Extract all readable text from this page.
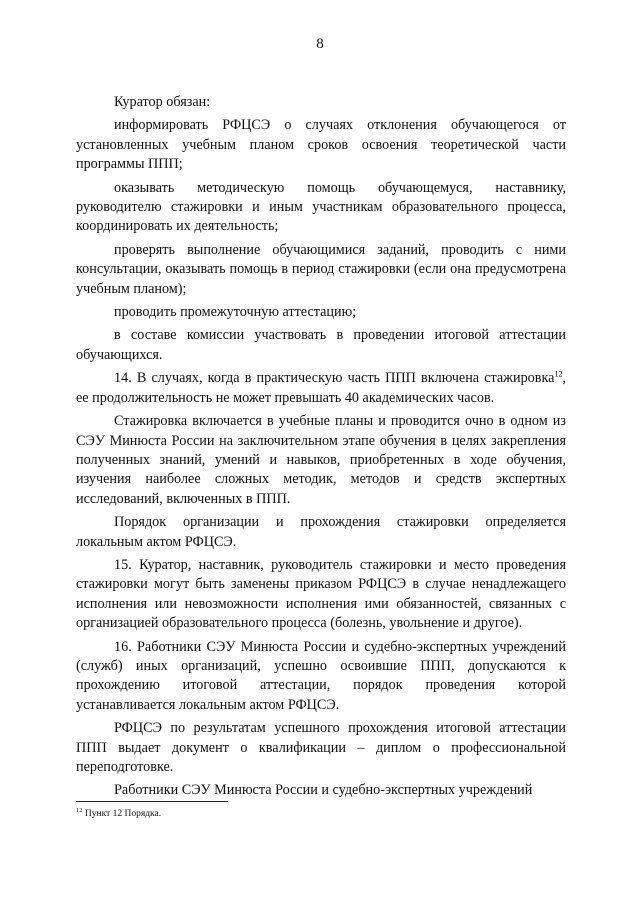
8

Куратор обязан:

информировать РФЦСЭ о случаях отклонения обучающегося от установленных учебным планом сроков освоения теоретической части программы ППП;

оказывать методическую помощь обучающемуся, наставнику, руководителю стажировки и иным участникам образовательного процесса, координировать их деятельность;

проверять выполнение обучающимися заданий, проводить с ними консультации, оказывать помощь в период стажировки (если она предусмотрена учебным планом);

проводить промежуточную аттестацию;

в составе комиссии участвовать в проведении итоговой аттестации обучающихся.

14. В случаях, когда в практическую часть ППП включена стажировка$^{12}$, ее продолжительность не может превышать 40 академических часов.

Стажировка включается в учебные планы и проводится очно в одном из СЭУ Минюста России на заключительном этапе обучения в целях закрепления полученных знаний, умений и навыков, приобретенных в ходе обучения, изучения наиболее сложных методик, методов и средств экспертных исследований, включенных в ППП.

Порядок организации и прохождения стажировки определяется локальным актом РФЦСЭ.

15. Куратор, наставник, руководитель стажировки и место проведения стажировки могут быть заменены приказом РФЦСЭ в случае ненадлежащего исполнения или невозможности исполнения ими обязанностей, связанных с организацией образовательного процесса (болезнь, увольнение и другое).

16. Работники СЭУ Минюста России и судебно-экспертных учреждений (служб) иных организаций, успешно освоившие ППП, допускаются к прохождению итоговой аттестации, порядок проведения которой устанавливается локальным актом РФЦСЭ.

РФЦСЭ по результатам успешного прохождения итоговой аттестации ППП выдает документ о квалификации – диплом о профессиональной переподготовке.

Работники СЭУ Минюста России и судебно-экспертных учреждений

$^{12}$ Пункт 12 Порядка.
